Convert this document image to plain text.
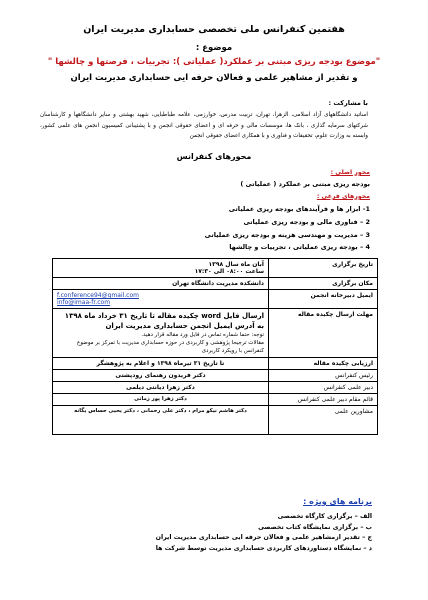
هفتمین کنفرانس ملی تخصصی حسابداری مدیریت ایران
موضوع :
"موضوع بودجه ریزی مبتنی بر عملکرد( عملیاتی ): تجربیات ، فرصتها و چالشها "
و تقدیر از مشاهیر علمی و فعالان حرفه ایی حسابداری مدیریت ایران
با مشارکت :
اساتید دانشگاههای آزاد اسلامی، الزهرا، تهران، تربیت مدرس، خوارزمی، علامه طباطبایی، شهید بهشتی و سایر دانشگاهها و کارشناسان شرکتهای سرمایه گذاری ، بانک ها، موسسات مالی و حرفه ای و اعضای حقوقی انجمن و با پشتیبانی کمیسیون انجمن های علمی کشور، وابسته به وزارت علوم، تحقیقات و فناوری و با همکاری اعضای حقوقی انجمن
محورهای کنفرانس
محور اصلی :
بودجه ریزی مبتنی بر عملکرد ( عملیاتی )
محورهای فرعی :
1- ابزار ها و فرآیندهای بودجه ریزی عملیاتی
2 – فناوری مالی و بودجه ریزی عملیاتی
3 – مدیریت و مهندسی هزینه و بودجه ریزی عملیاتی
4 – بودجه ریزی عملیاتی ، تجربیات و چالشها
تاریخ برگزاری	آبان ماه سال ۱۳۹۸
ساعت ۰۸:۰۰ الی ۱۷:۳۰

مکان برگزاری	دانشکده مدیریت دانشگاه تهران
ایمیل دبیرخانه انجمن	f.conference94@gmail.com
info@imaa-fr.com

مهلت ارسال چکیده مقاله	ارسال فایل word چکیده مقاله تا تاریخ ۳۱ خرداد ماه ۱۳۹۸ به آدرس ایمیل انجمن حسابداری مدیریت ایران
توجه: حتما شماره تماس در فایل ورد مقاله قرار دهید.
مقالات ترجیحا پژوهشی و کاربردی در حوزه حسابداری مدیریت با تمرکز بر موضوع کنفرانس با رویکرد کاربردی

ارزیابی چکیده مقاله	تا تاریخ ۳۱ تیرماه ۱۳۹۸ و اعلام به پژوهشگر
رئیس کنفرانس	دکتر فریدون رهنمای رودپشتی
دبیر علمی کنفرانس	دکتر زهرا دیانتی دیلمی
قائم مقام دبیر علمی کنفرانس	دکتر زهرا پور زمانی
مشاورین علمی	دکتر هاشم نیکو مرام ، دکتر علی رحمانی ، دکتر یحیی حساس یگانه
برنامه های ویژه :
الف – برگزاری کارگاه تخصصی
ب – برگزاری نمایشگاه کتاب تخصصی
ج – تقدیر ازمشاهیر علمی و فعالان حرفه ایی حسابداری مدیریت ایران
د – نمایشگاه دستاوردهای کاربردی حسابداری مدیریت توسط شرکت ها
